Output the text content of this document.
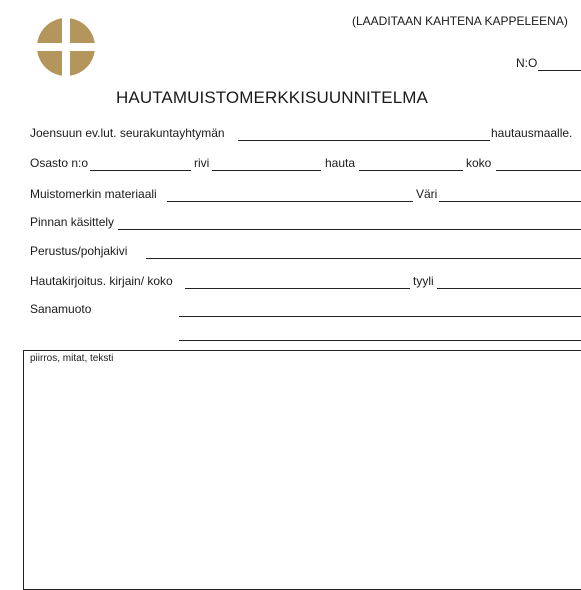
(LAADITAAN KAHTENA KAPPELEENA)
N:O
HAUTAMUISTOMERKKISUUNNITELMA
Joensuun ev.lut. seurakuntayhtymän	hautausmaalle.
Osasto n:o	rivi	hauta	koko
Muistomerkin materiaali	Väri
Pinnan käsittely
Perustus/pohjakivi
Hautakirjoitus. kirjain/ koko	tyyli
Sanamuoto
piirros, mitat, teksti
